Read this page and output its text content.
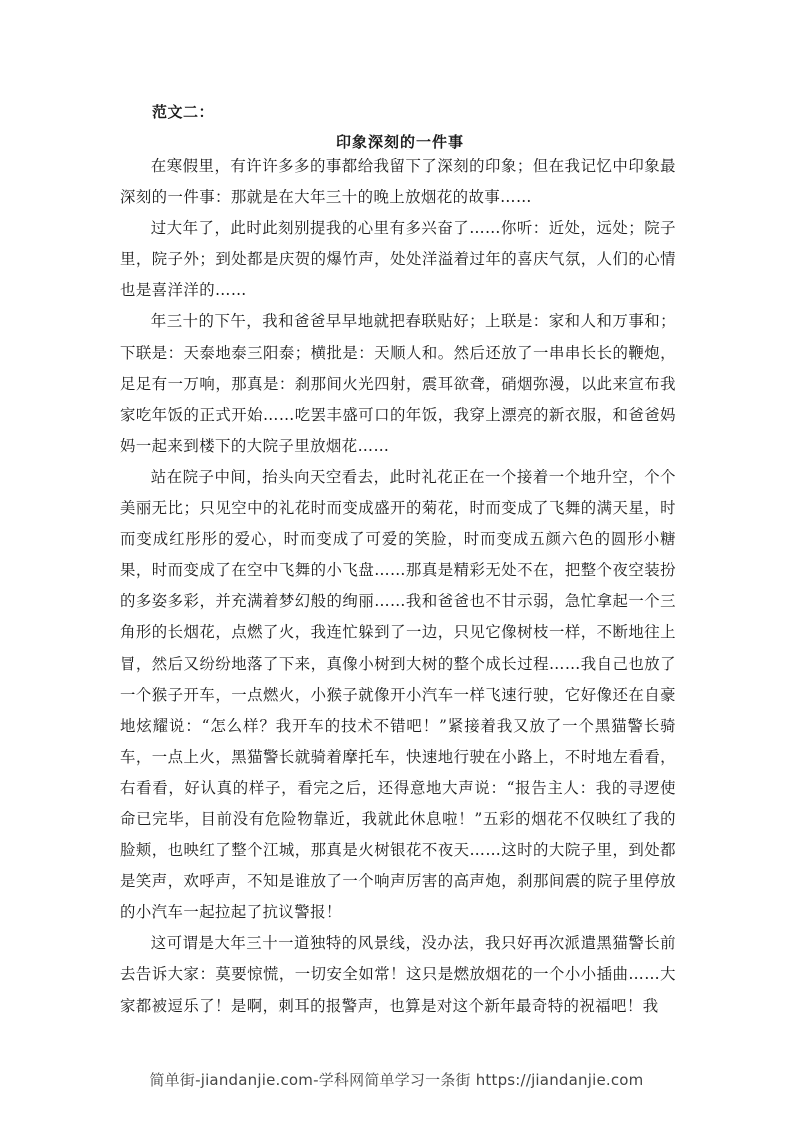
范文二：
印象深刻的一件事

在寒假里，有许许多多的事都给我留下了深刻的印象；但在我记忆中印象最深刻的一件事：那就是在大年三十的晚上放烟花的故事……

过大年了，此时此刻别提我的心里有多兴奋了……你听：近处，远处；院子里，院子外；到处都是庆贺的爆竹声，处处洋溢着过年的喜庆气氛，人们的心情也是喜洋洋的……

年三十的下午，我和爸爸早早地就把春联贴好；上联是：家和人和万事和；下联是：天泰地泰三阳泰；横批是：天顺人和。然后还放了一串串长长的鞭炮，足足有一万响，那真是：刹那间火光四射，震耳欲聋，硝烟弥漫，以此来宣布我家吃年饭的正式开始……吃罢丰盛可口的年饭，我穿上漂亮的新衣服，和爸爸妈妈一起来到楼下的大院子里放烟花……

站在院子中间，抬头向天空看去，此时礼花正在一个接着一个地升空，个个美丽无比；只见空中的礼花时而变成盛开的菊花，时而变成了飞舞的满天星，时而变成红彤彤的爱心，时而变成了可爱的笑脸，时而变成五颜六色的圆形小糖果，时而变成了在空中飞舞的小飞盘……那真是精彩无处不在，把整个夜空装扮的多姿多彩，并充满着梦幻般的绚丽……我和爸爸也不甘示弱，急忙拿起一个三角形的长烟花，点燃了火，我连忙躲到了一边，只见它像树枝一样，不断地往上冒，然后又纷纷地落了下来，真像小树到大树的整个成长过程……我自己也放了一个猴子开车，一点燃火，小猴子就像开小汽车一样飞速行驶，它好像还在自豪地炫耀说：“怎么样？我开车的技术不错吧！”紧接着我又放了一个黑猫警长骑车，一点上火，黑猫警长就骑着摩托车，快速地行驶在小路上，不时地左看看，右看看，好认真的样子，看完之后，还得意地大声说：“报告主人：我的寻逻使命已完毕，目前没有危险物靠近，我就此休息啦！”五彩的烟花不仅映红了我的脸颊，也映红了整个江城，那真是火树银花不夜天……这时的大院子里，到处都是笑声，欢呼声，不知是谁放了一个响声厉害的高声炮，刹那间震的院子里停放的小汽车一起拉起了抗议警报！

这可谓是大年三十一道独特的风景线，没办法，我只好再次派遣黑猫警长前去告诉大家：莫要惊慌，一切安全如常！这只是燃放烟花的一个小小插曲……大家都被逗乐了！是啊，刺耳的报警声，也算是对这个新年最奇特的祝福吧！我

简单街-jiandanjie.com-学科网简单学习一条街 https://jiandanjie.com
